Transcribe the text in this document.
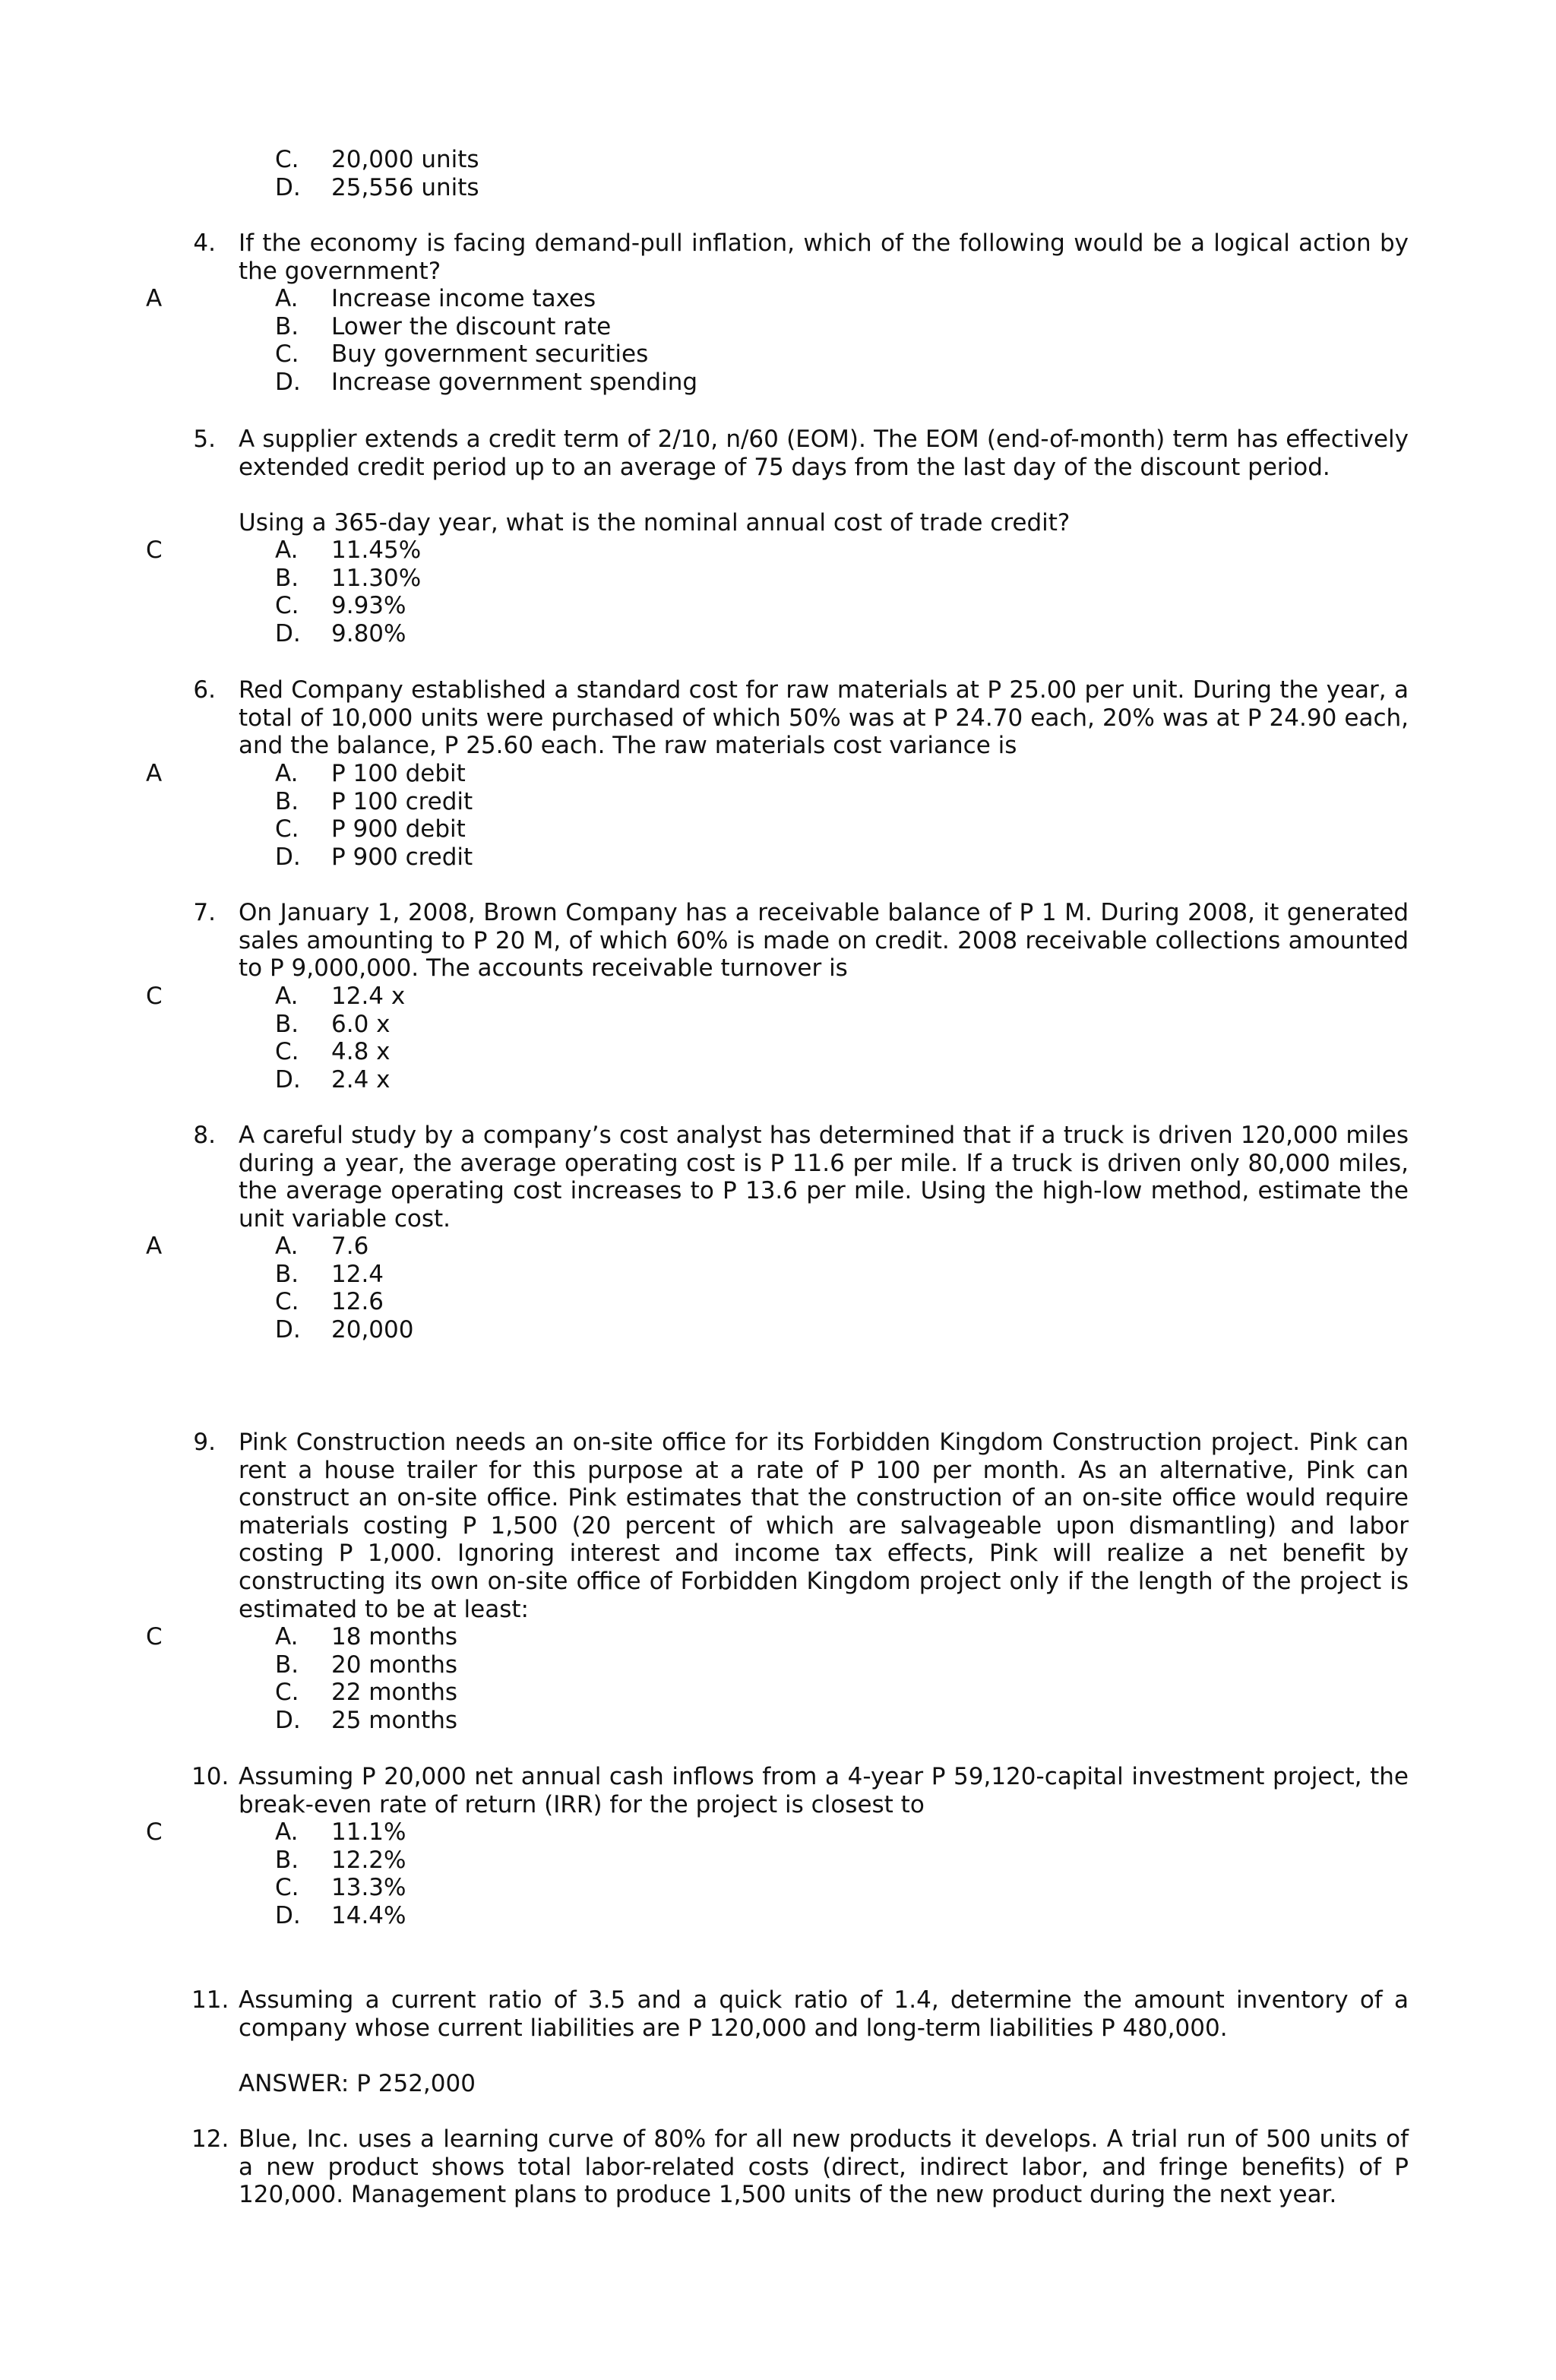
C. 20,000 units
D. 25,556 units
4. If the economy is facing demand-pull inflation, which of the following would be a logical action by the government?

A	A. Increase income taxes
B. Lower the discount rate
C. Buy government securities
D. Increase government spending
5. A supplier extends a credit term of 2/10, n/60 (EOM). The EOM (end-of-month) term has effectively extended credit period up to an average of 75 days from the last day of the discount period.

Using a 365-day year, what is the nominal annual cost of trade credit?

C	A. 11.45%
B. 11.30%
C. 9.93%
D. 9.80%
6. Red Company established a standard cost for raw materials at P 25.00 per unit. During the year, a total of 10,000 units were purchased of which 50% was at P 24.70 each, 20% was at P 24.90 each, and the balance, P 25.60 each. The raw materials cost variance is

A	A. P 100 debit
B. P 100 credit
C. P 900 debit
D. P 900 credit
7. On January 1, 2008, Brown Company has a receivable balance of P 1 M. During 2008, it generated sales amounting to P 20 M, of which 60% is made on credit. 2008 receivable collections amounted to P 9,000,000. The accounts receivable turnover is

C	A. 12.4 x
B. 6.0 x
C. 4.8 x
D. 2.4 x
8. A careful study by a company’s cost analyst has determined that if a truck is driven 120,000 miles during a year, the average operating cost is P 11.6 per mile. If a truck is driven only 80,000 miles, the average operating cost increases to P 13.6 per mile. Using the high-low method, estimate the unit variable cost.

A	A. 7.6
B. 12.4
C. 12.6
D. 20,000
9. Pink Construction needs an on-site office for its Forbidden Kingdom Construction project. Pink can rent a house trailer for this purpose at a rate of P 100 per month. As an alternative, Pink can construct an on-site office. Pink estimates that the construction of an on-site office would require materials costing P 1,500 (20 percent of which are salvageable upon dismantling) and labor costing P 1,000. Ignoring interest and income tax effects, Pink will realize a net benefit by constructing its own on-site office of Forbidden Kingdom project only if the length of the project is estimated to be at least:

C	A. 18 months
B. 20 months
C. 22 months
D. 25 months
10. Assuming P 20,000 net annual cash inflows from a 4-year P 59,120-capital investment project, the break-even rate of return (IRR) for the project is closest to

C	A. 11.1%
B. 12.2%
C. 13.3%
D. 14.4%
11. Assuming a current ratio of 3.5 and a quick ratio of 1.4, determine the amount inventory of a company whose current liabilities are P 120,000 and long-term liabilities P 480,000.

ANSWER: P 252,000
12. Blue, Inc. uses a learning curve of 80% for all new products it develops. A trial run of 500 units of a new product shows total labor-related costs (direct, indirect labor, and fringe benefits) of P 120,000. Management plans to produce 1,500 units of the new product during the next year.
